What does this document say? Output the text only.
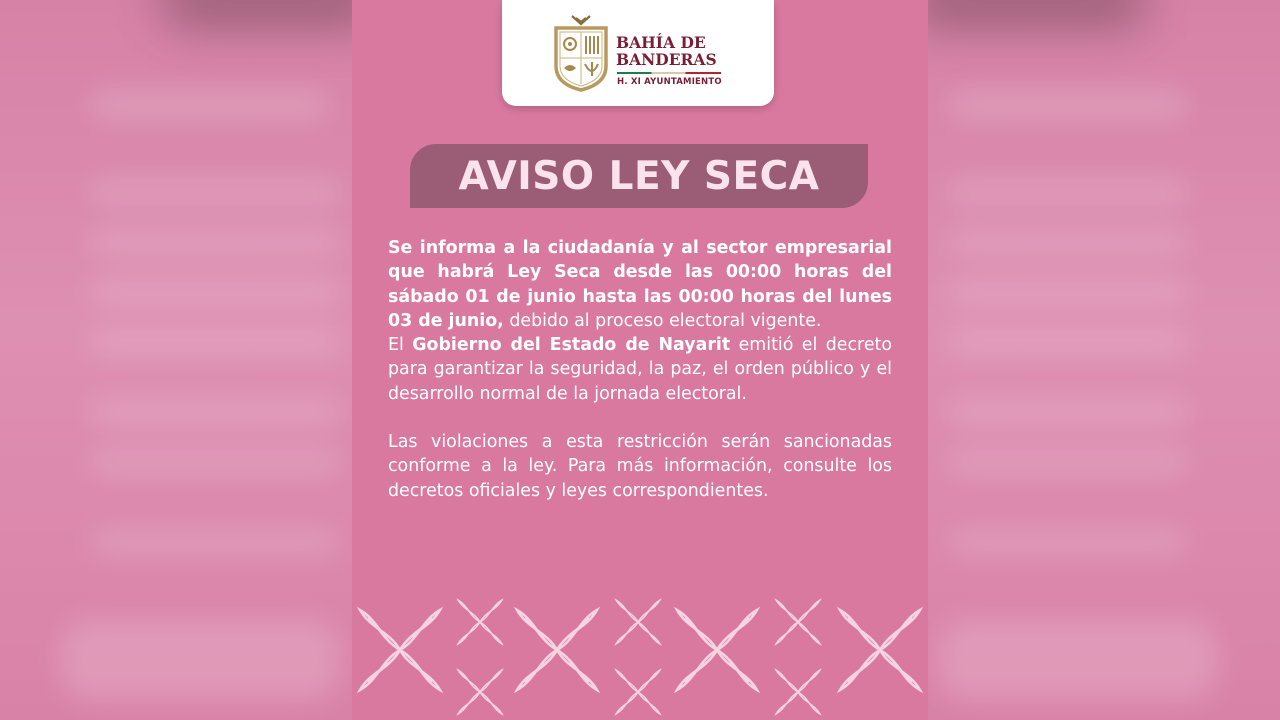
BAHÍA DE
BANDERAS
H. XI AYUNTAMIENTO
AVISO LEY SECA

Se informa a la ciudadanía y al sector empresarial que habrá Ley Seca desde las 00:00 horas del sábado 01 de junio hasta las 00:00 horas del lunes 03 de junio, debido al proceso electoral vigente.

El Gobierno del Estado de Nayarit emitió el decreto para garantizar la seguridad, la paz, el orden público y el desarrollo normal de la jornada electoral.

Las violaciones a esta restricción serán sancionadas conforme a la ley. Para más información, consulte los decretos oficiales y leyes correspondientes.
